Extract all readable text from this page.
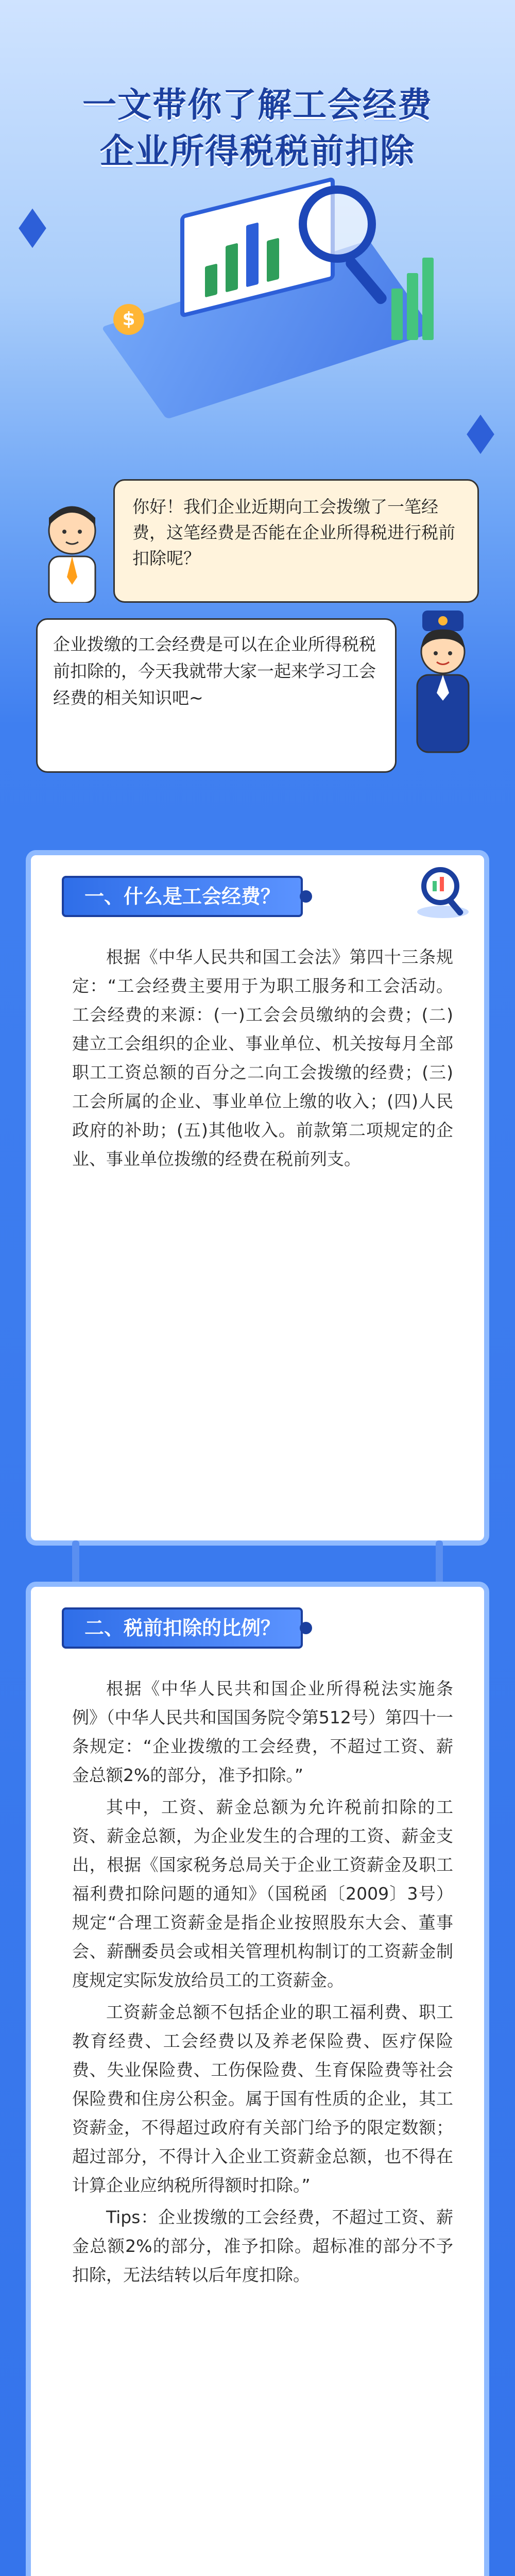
一文带你了解工会经费
企业所得税税前扣除
$
你好！我们企业近期向工会拨缴了一笔经费，这笔经费是否能在企业所得税进行税前扣除呢？
企业拨缴的工会经费是可以在企业所得税税前扣除的，今天我就带大家一起来学习工会经费的相关知识吧~
一、什么是工会经费？

根据《中华人民共和国工会法》第四十三条规定：“工会经费主要用于为职工服务和工会活动。工会经费的来源：(一)工会会员缴纳的会费；(二)建立工会组织的企业、事业单位、机关按每月全部职工工资总额的百分之二向工会拨缴的经费；(三)工会所属的企业、事业单位上缴的收入；(四)人民政府的补助；(五)其他收入。前款第二项规定的企业、事业单位拨缴的经费在税前列支。

二、税前扣除的比例？

根据《中华人民共和国企业所得税法实施条例》（中华人民共和国国务院令第512号）第四十一条规定：“企业拨缴的工会经费，不超过工资、薪金总额2%的部分，准予扣除。”

其中，工资、薪金总额为允许税前扣除的工资、薪金总额，为企业发生的合理的工资、薪金支出，根据《国家税务总局关于企业工资薪金及职工福利费扣除问题的通知》（国税函〔2009〕3号）规定“合理工资薪金是指企业按照股东大会、董事会、薪酬委员会或相关管理机构制订的工资薪金制度规定实际发放给员工的工资薪金。

工资薪金总额不包括企业的职工福利费、职工教育经费、工会经费以及养老保险费、医疗保险费、失业保险费、工伤保险费、生育保险费等社会保险费和住房公积金。属于国有性质的企业，其工资薪金，不得超过政府有关部门给予的限定数额；超过部分，不得计入企业工资薪金总额，也不得在计算企业应纳税所得额时扣除。”

Tips：企业拨缴的工会经费，不超过工资、薪金总额2%的部分，准予扣除。超标准的部分不予扣除，无法结转以后年度扣除。
